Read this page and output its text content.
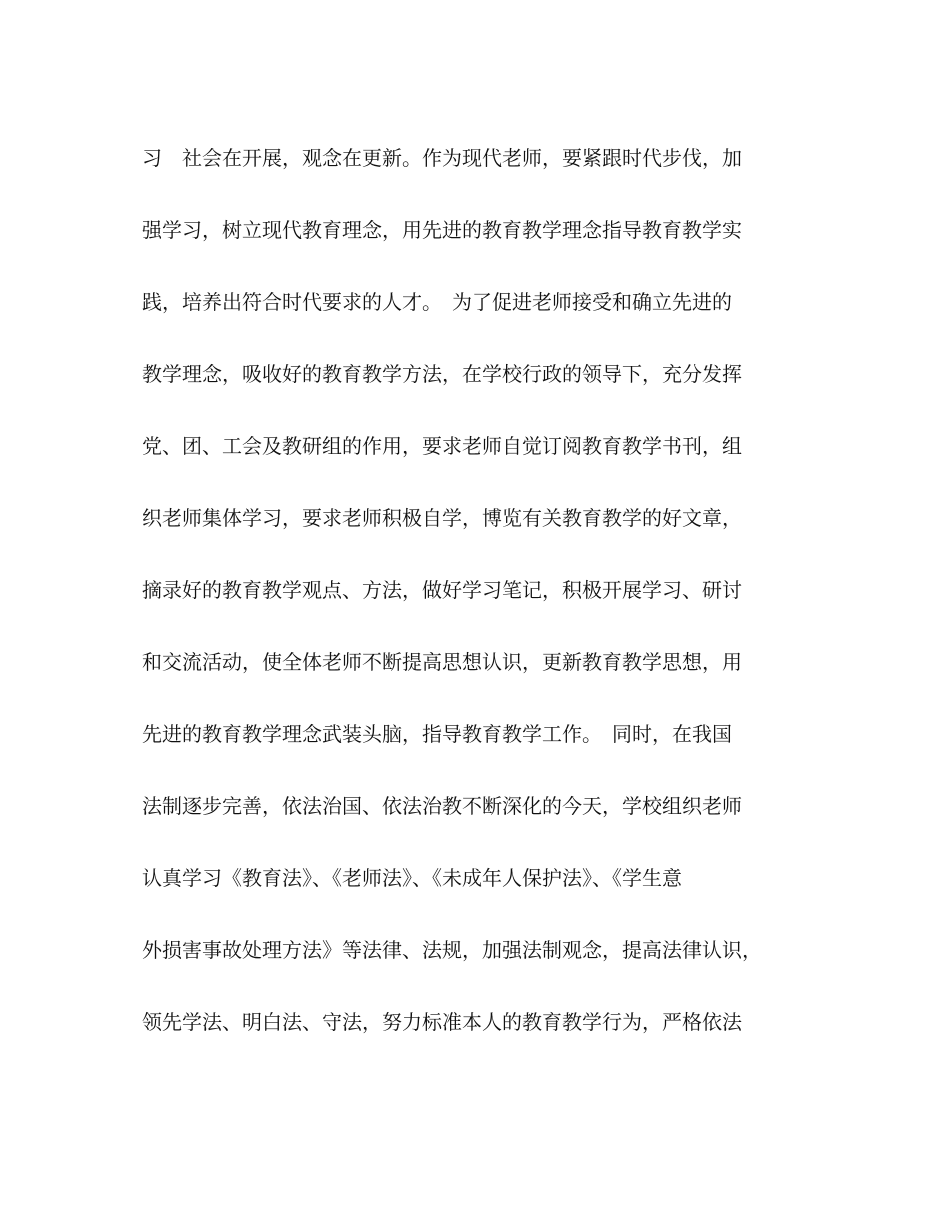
习　社会在开展，观念在更新。作为现代老师，要紧跟时代步伐，加
强学习，树立现代教育理念，用先进的教育教学理念指导教育教学实
践，培养出符合时代要求的人才。　为了促进老师接受和确立先进的
教学理念，吸收好的教育教学方法，在学校行政的领导下，充分发挥
党、团、工会及教研组的作用，要求老师自觉订阅教育教学书刊，组
织老师集体学习，要求老师积极自学，博览有关教育教学的好文章，
摘录好的教育教学观点、方法，做好学习笔记，积极开展学习、研讨
和交流活动，使全体老师不断提高思想认识，更新教育教学思想，用
先进的教育教学理念武装头脑，指导教育教学工作。　同时，在我国
法制逐步完善，依法治国、依法治教不断深化的今天，学校组织老师
认真学习《教育法》、《老师法》、《未成年人保护法》、《学生意
外损害事故处理方法》等法律、法规，加强法制观念，提高法律认识，
领先学法、明白法、守法，努力标准本人的教育教学行为，严格依法
